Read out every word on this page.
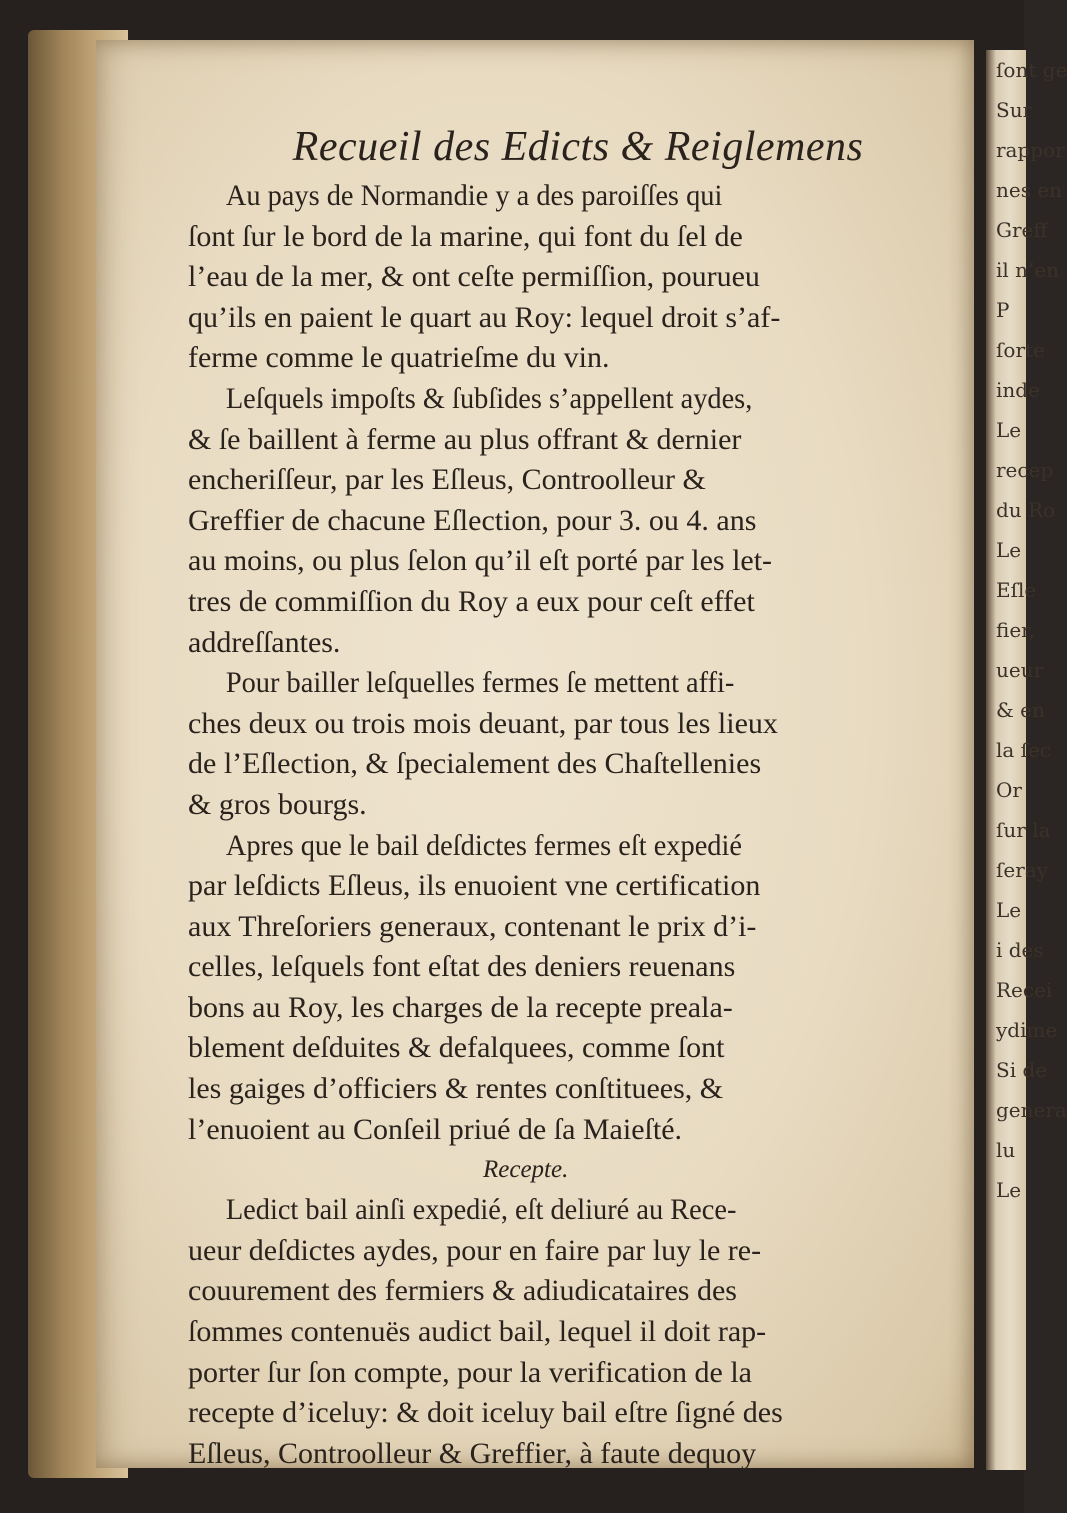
ſont ge
Sur
rappor
nes en
Greff
il n’en
P
ſorte
inde
Le
recep
du Ro
Le
Eſle
fier,
ueur
& en
la ſec
Or
ſur la
ſeray
Le
i des
Recei
ydime
Si de
genera
lu
Le
Recueil des Edicts & Reiglemens
Au pays de Normandie y a des paroiſſes qui
ſont ſur le bord de la marine, qui font du ſel de
l’eau de la mer, & ont ceſte permiſſion, pourueu
qu’ils en paient le quart au Roy: lequel droit s’af-
ferme comme le quatrieſme du vin.
Leſquels impoſts & ſubſides s’appellent aydes,
& ſe baillent à ferme au plus offrant & dernier
encheriſſeur, par les Eſleus, Controolleur &
Greffier de chacune Eſlection, pour 3. ou 4. ans
au moins, ou plus ſelon qu’il eſt porté par les let-
tres de commiſſion du Roy a eux pour ceſt effet
addreſſantes.
Pour bailler leſquelles fermes ſe mettent affi-
ches deux ou trois mois deuant, par tous les lieux
de l’Eſlection, & ſpecialement des Chaſtellenies
& gros bourgs.
Apres que le bail deſdictes fermes eſt expedié
par leſdicts Eſleus, ils enuoient vne certification
aux Threſoriers generaux, contenant le prix d’i-
celles, leſquels font eſtat des deniers reuenans
bons au Roy, les charges de la recepte preala-
blement deſduites & defalquees, comme ſont
les gaiges d’officiers & rentes conſtituees, &
l’enuoient au Conſeil priué de ſa Maieſté.
Recepte.
Ledict bail ainſi expedié, eſt deliuré au Rece-
ueur deſdictes aydes, pour en faire par luy le re-
couurement des fermiers & adiudicataires des
ſommes contenuës audict bail, lequel il doit rap-
porter ſur ſon compte, pour la verification de la
recepte d’iceluy: & doit iceluy bail eſtre ſigné des
Eſleus, Controolleur & Greffier, à faute dequoy
